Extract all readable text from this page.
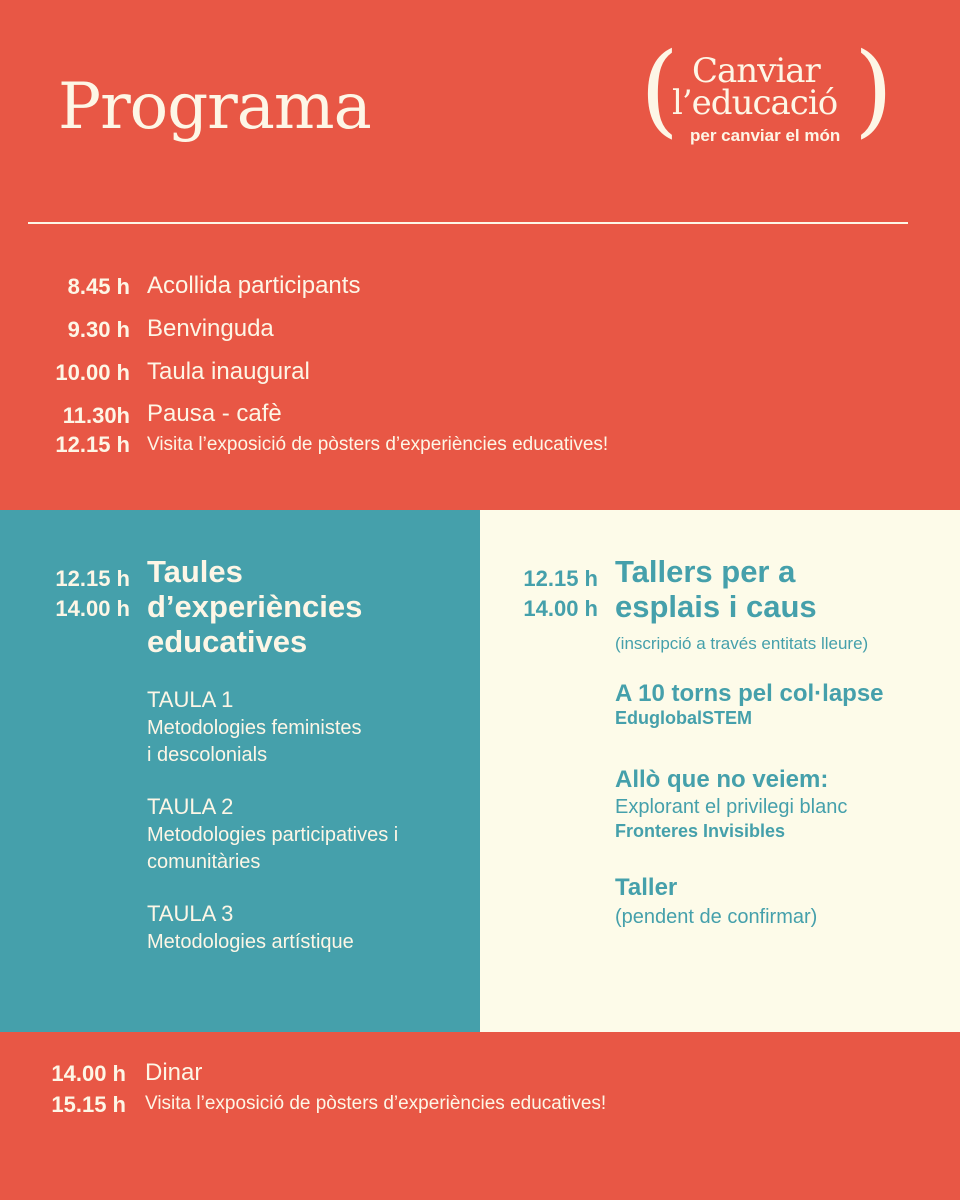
Programa	( Canviar
l’educació
per canviar el món )
8.45 h Acollida participants
9.30 h Benvinguda
10.00 h Taula inaugural
11.30h Pausa - cafè
12.15 h Visita l’exposició de pòsters d’experiències educatives!
12.15 h
14.00 h
Taules
d’experiències
educatives
TAULA 1
Metodologies feministes
i descolonials
TAULA 2
Metodologies participatives i
comunitàries
TAULA 3
Metodologies artístique
12.15 h
14.00 h
Tallers per a
esplais i caus
(inscripció a través entitats lleure)
A 10 torns pel col·lapse
EduglobalSTEM
Allò que no veiem:
Explorant el privilegi blanc
Fronteres Invisibles
Taller
(pendent de confirmar)
14.00 h Dinar
15.15 h Visita l’exposició de pòsters d’experiències educatives!
